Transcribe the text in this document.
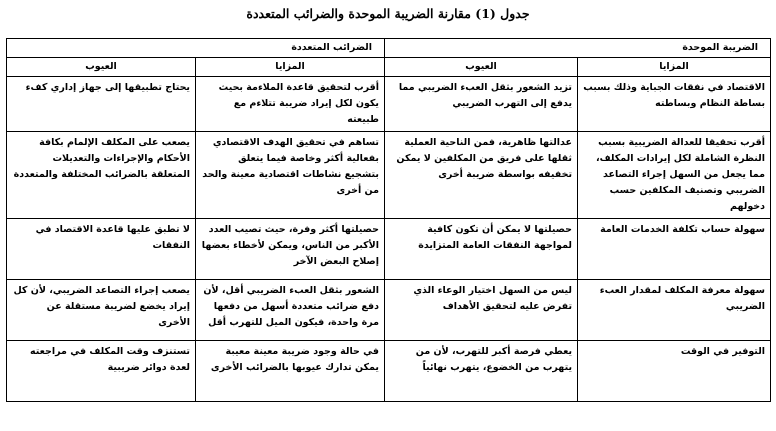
جدول (1) مقارنة الضريبة الموحدة والضرائب المتعددة
الضريبة الموحدة		الضرائب المتعددة	
المزايا	العيوب	المزايا	العيوب
الاقتصاد في نفقات الجباية وذلك بسبب بساطة النظام وبساطته	تزيد الشعور بثقل العبء الضريبي مما يدفع إلى التهرب الضريبي	أقرب لتحقيق قاعدة الملاءمة بحيث يكون لكل إيراد ضريبة تتلاءم مع طبيعته	يحتاج تطبيقها إلى جهاز إداري كفء
أقرب تحقيقا للعدالة الضريبية بسبب النظرة الشاملة لكل إيرادات المكلف، مما يجعل من السهل إجراء التصاعد الضريبي وتصنيف المكلفين حسب دخولهم	عدالتها ظاهرية، فمن الناحية العملية ثقلها على فريق من المكلفين لا يمكن تخفيفه بواسطة ضريبة أخرى	تساهم في تحقيق الهدف الاقتصادي بفعالية أكثر وخاصة فيما يتعلق بتشجيع نشاطات اقتصادية معينة والحد من أخرى	يصعب على المكلف الإلمام بكافة الأحكام والإجراءات والتعديلات المتعلقة بالضرائب المختلفة والمتعددة
سهولة حساب تكلفة الخدمات العامة	حصيلتها لا يمكن أن تكون كافية لمواجهة النفقات العامة المتزايدة	حصيلتها أكثر وفرة، حيث تصيب العدد الأكبر من الناس، ويمكن لأخطاء بعضها إصلاح البعض الآخر	لا تطبق عليها قاعدة الاقتصاد في النفقات
سهولة معرفة المكلف لمقدار العبء الضريبي	ليس من السهل اختيار الوعاء الذي تفرض عليه لتحقيق الأهداف	الشعور بثقل العبء الضريبي أقل، لأن دفع ضرائب متعددة أسهل من دفعها مرة واحدة، فيكون الميل للتهرب أقل	يصعب إجراء التصاعد الضريبي، لأن كل إيراد يخضع لضريبة مستقلة عن الأخرى
التوفير في الوقت	يعطي فرصة أكبر للتهرب، لأن من يتهرب من الخضوع، يتهرب نهائياً	في حالة وجود ضريبة معينة معيبة يمكن تدارك عيوبها بالضرائب الأخرى	تستنزف وقت المكلف في مراجعته لعدة دوائر ضريبية
